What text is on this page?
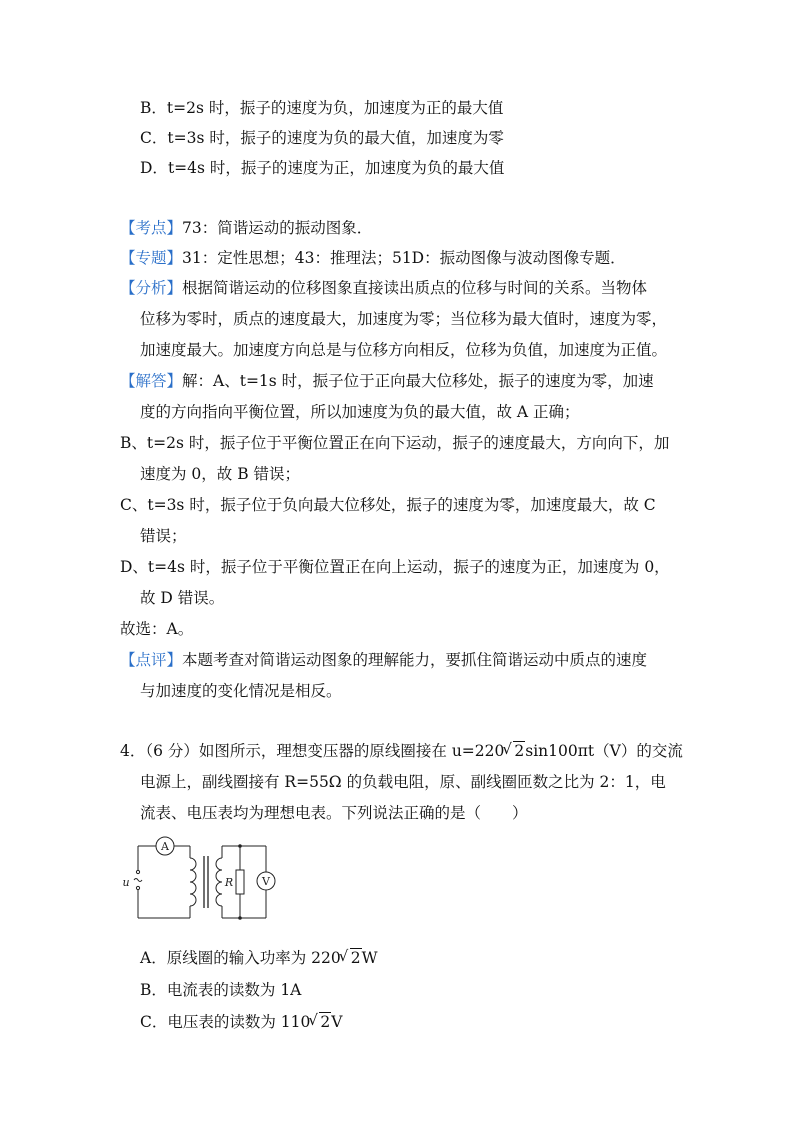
B．t=2s 时，振子的速度为负，加速度为正的最大值
C．t=3s 时，振子的速度为负的最大值，加速度为零
D．t=4s 时，振子的速度为正，加速度为负的最大值
【考点】73：简谐运动的振动图象．
【专题】31：定性思想；43：推理法；51D：振动图像与波动图像专题．
【分析】根据简谐运动的位移图象直接读出质点的位移与时间的关系。当物体
位移为零时，质点的速度最大，加速度为零；当位移为最大值时，速度为零，
加速度最大。加速度方向总是与位移方向相反，位移为负值，加速度为正值。
【解答】解：A、t=1s 时，振子位于正向最大位移处，振子的速度为零，加速
度的方向指向平衡位置，所以加速度为负的最大值，故 A 正确；
B、t=2s 时，振子位于平衡位置正在向下运动，振子的速度最大，方向向下，加
速度为 0，故 B 错误；
C、t=3s 时，振子位于负向最大位移处，振子的速度为零，加速度最大，故 C
错误；
D、t=4s 时，振子位于平衡位置正在向上运动，振子的速度为正，加速度为 0，
故 D 错误。
故选：A。
【点评】本题考查对简谐运动图象的理解能力，要抓住简谐运动中质点的速度
与加速度的变化情况是相反。
4．（6 分）如图所示，理想变压器的原线圈接在 u=220 √ 2sin100πt（V）的交流
电源上，副线圈接有 R=55Ω 的负载电阻，原、副线圈匝数之比为 2：1，电
流表、电压表均为理想电表。下列说法正确的是（　　）
A
V
R
u
A．原线圈的输入功率为 220 √ 2W
B．电流表的读数为 1A
C．电压表的读数为 110 √ 2V
